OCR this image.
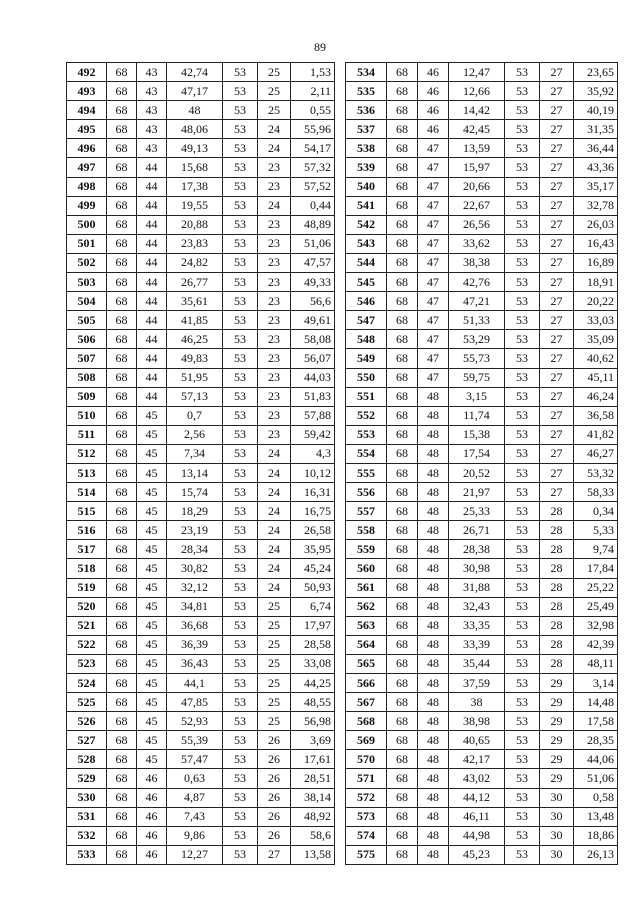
89
492	68	43	42,74	53	25	1,53
493	68	43	47,17	53	25	2,11
494	68	43	48	53	25	0,55
495	68	43	48,06	53	24	55,96
496	68	43	49,13	53	24	54,17
497	68	44	15,68	53	23	57,32
498	68	44	17,38	53	23	57,52
499	68	44	19,55	53	24	0,44
500	68	44	20,88	53	23	48,89
501	68	44	23,83	53	23	51,06
502	68	44	24,82	53	23	47,57
503	68	44	26,77	53	23	49,33
504	68	44	35,61	53	23	56,6
505	68	44	41,85	53	23	49,61
506	68	44	46,25	53	23	58,08
507	68	44	49,83	53	23	56,07
508	68	44	51,95	53	23	44,03
509	68	44	57,13	53	23	51,83
510	68	45	0,7	53	23	57,88
511	68	45	2,56	53	23	59,42
512	68	45	7,34	53	24	4,3
513	68	45	13,14	53	24	10,12
514	68	45	15,74	53	24	16,31
515	68	45	18,29	53	24	16,75
516	68	45	23,19	53	24	26,58
517	68	45	28,34	53	24	35,95
518	68	45	30,82	53	24	45,24
519	68	45	32,12	53	24	50,93
520	68	45	34,81	53	25	6,74
521	68	45	36,68	53	25	17,97
522	68	45	36,39	53	25	28,58
523	68	45	36,43	53	25	33,08
524	68	45	44,1	53	25	44,25
525	68	45	47,85	53	25	48,55
526	68	45	52,93	53	25	56,98
527	68	45	55,39	53	26	3,69
528	68	45	57,47	53	26	17,61
529	68	46	0,63	53	26	28,51
530	68	46	4,87	53	26	38,14
531	68	46	7,43	53	26	48,92
532	68	46	9,86	53	26	58,6
533	68	46	12,27	53	27	13,58
534	68	46	12,47	53	27	23,65
535	68	46	12,66	53	27	35,92
536	68	46	14,42	53	27	40,19
537	68	46	42,45	53	27	31,35
538	68	47	13,59	53	27	36,44
539	68	47	15,97	53	27	43,36
540	68	47	20,66	53	27	35,17
541	68	47	22,67	53	27	32,78
542	68	47	26,56	53	27	26,03
543	68	47	33,62	53	27	16,43
544	68	47	38,38	53	27	16,89
545	68	47	42,76	53	27	18,91
546	68	47	47,21	53	27	20,22
547	68	47	51,33	53	27	33,03
548	68	47	53,29	53	27	35,09
549	68	47	55,73	53	27	40,62
550	68	47	59,75	53	27	45,11
551	68	48	3,15	53	27	46,24
552	68	48	11,74	53	27	36,58
553	68	48	15,38	53	27	41,82
554	68	48	17,54	53	27	46,27
555	68	48	20,52	53	27	53,32
556	68	48	21,97	53	27	58,33
557	68	48	25,33	53	28	0,34
558	68	48	26,71	53	28	5,33
559	68	48	28,38	53	28	9,74
560	68	48	30,98	53	28	17,84
561	68	48	31,88	53	28	25,22
562	68	48	32,43	53	28	25,49
563	68	48	33,35	53	28	32,98
564	68	48	33,39	53	28	42,39
565	68	48	35,44	53	28	48,11
566	68	48	37,59	53	29	3,14
567	68	48	38	53	29	14,48
568	68	48	38,98	53	29	17,58
569	68	48	40,65	53	29	28,35
570	68	48	42,17	53	29	44,06
571	68	48	43,02	53	29	51,06
572	68	48	44,12	53	30	0,58
573	68	48	46,11	53	30	13,48
574	68	48	44,98	53	30	18,86
575	68	48	45,23	53	30	26,13
